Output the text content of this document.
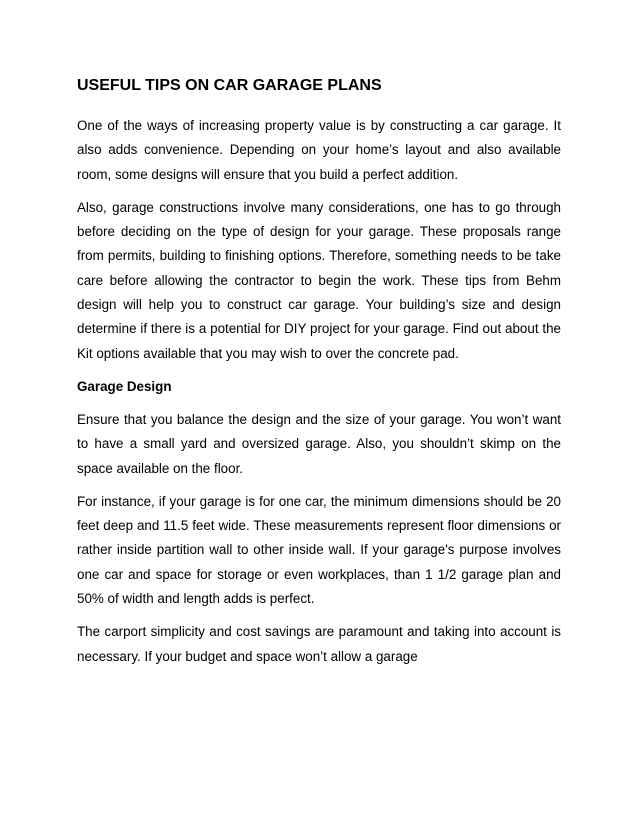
USEFUL TIPS ON CAR GARAGE PLANS

One of the ways of increasing property value is by constructing a car garage. It also adds convenience. Depending on your home’s layout and also available room, some designs will ensure that you build a perfect addition.

Also, garage constructions involve many considerations, one has to go through before deciding on the type of design for your garage. These proposals range from permits, building to finishing options. Therefore, something needs to be take care before allowing the contractor to begin the work. These tips from Behm design will help you to construct car garage. Your building’s size and design determine if there is a potential for DIY project for your garage. Find out about the Kit options available that you may wish to over the concrete pad.

Garage Design

Ensure that you balance the design and the size of your garage. You won’t want to have a small yard and oversized garage. Also, you shouldn’t skimp on the space available on the floor.

For instance, if your garage is for one car, the minimum dimensions should be 20 feet deep and 11.5 feet wide. These measurements represent floor dimensions or rather inside partition wall to other inside wall. If your garage's purpose involves one car and space for storage or even workplaces, than 1 1/2 garage plan and 50% of width and length adds is perfect.

The carport simplicity and cost savings are paramount and taking into account is necessary. If your budget and space won’t allow a garage
